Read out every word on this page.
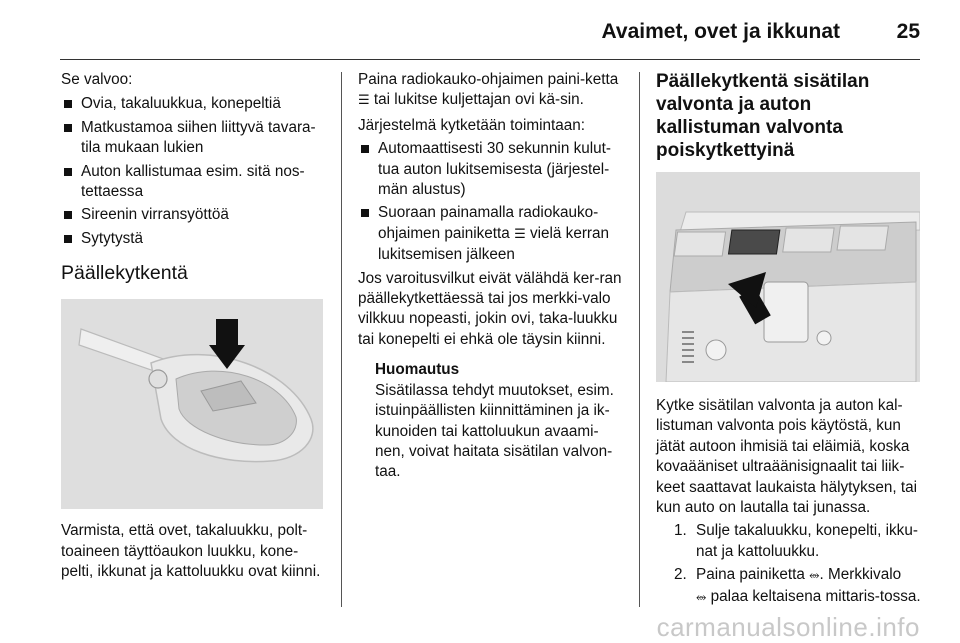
Avaimet, ovet ja ikkunat	25

Se valvoo:

Ovia, takaluukkua, konepeltiä
Matkustamoa siihen liittyvä tavara-tila mukaan lukien
Auton kallistumaa esim. sitä nos-tettaessa
Sireenin virransyöttöä
Sytytystä
Päällekytkentä

Varmista, että ovet, takaluukku, polt-toaineen täyttöaukon luukku, kone-pelti, ikkunat ja kattoluukku ovat kiinni.

Paina radiokauko-ohjaimen paini-ketta ☰ tai lukitse kuljettajan ovi kä-sin.

Järjestelmä kytketään toimintaan:

Automaattisesti 30 sekunnin kulut-tua auton lukitsemisesta (järjestel-män alustus)
Suoraan painamalla radiokauko-ohjaimen painiketta ☰ vielä kerran lukitsemisen jälkeen

Jos varoitusvilkut eivät välähdä ker-ran päällekytkettäessä tai jos merkki-valo vilkkuu nopeasti, jokin ovi, taka-luukku tai konepelti ei ehkä ole täysin kiinni.

Huomautus
Sisätilassa tehdyt muutokset, esim. istuinpäällisten kiinnittäminen ja ik-kunoiden tai kattoluukun avaami-nen, voivat haitata sisätilan valvon-taa.
Päällekytkentä sisätilan valvonta ja auton kallistuman valvonta poiskytkettyinä

Kytke sisätilan valvonta ja auton kal-listuman valvonta pois käytöstä, kun jätät autoon ihmisiä tai eläimiä, koska kovaääniset ultraäänisignaalit tai liik-keet saattavat laukaista hälytyksen, tai kun auto on lautalla tai junassa.

1. Sulje takaluukku, konepelti, ikku-nat ja kattoluukku.
2. Paina painiketta ⥈. Merkkivalo
⥈ palaa keltaisena mittaris-tossa.
carmanualsonline.info
